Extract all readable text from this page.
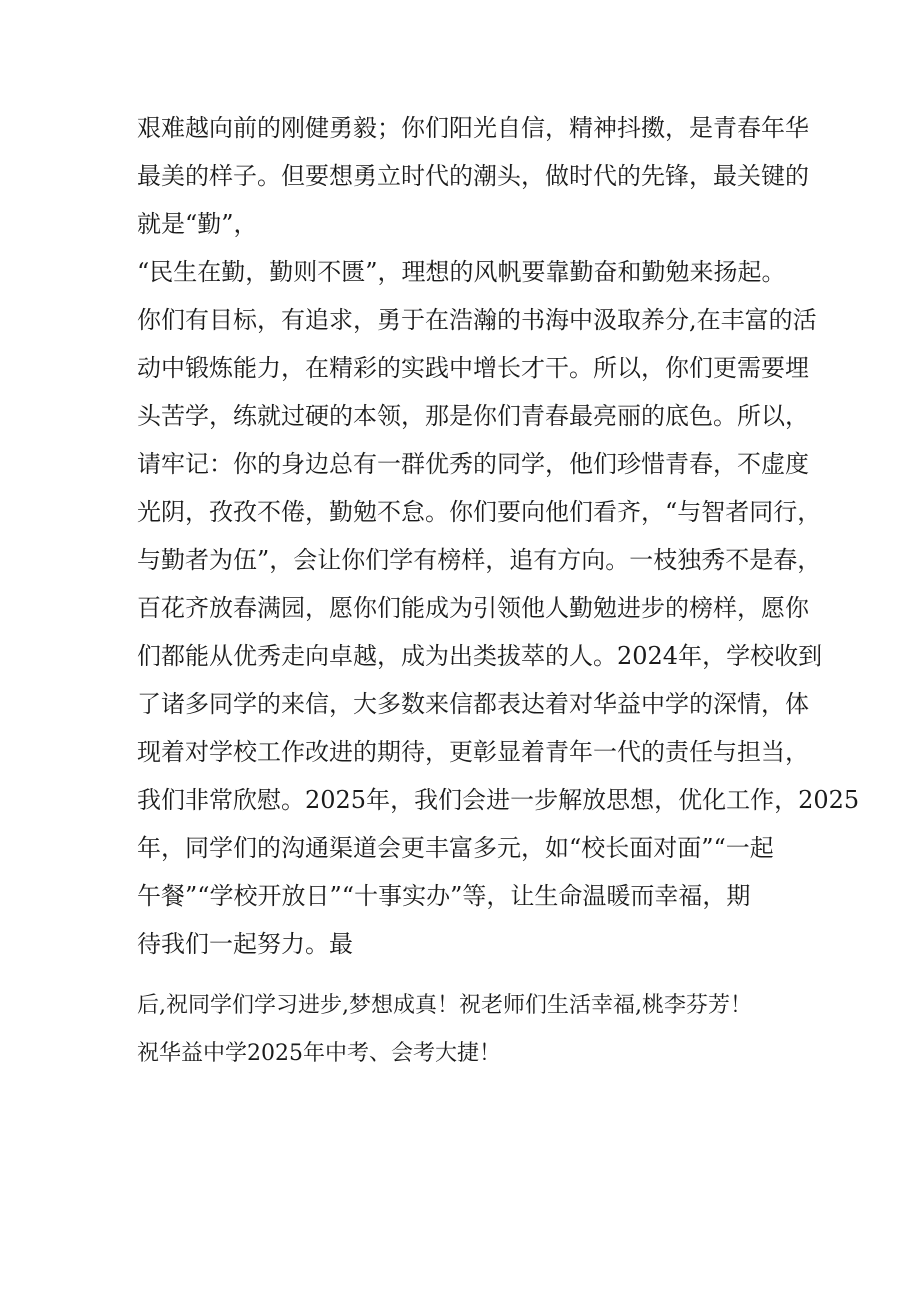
艰难越向前的刚健勇毅；你们阳光自信，精神抖擞，是青春年华
最美的样子。但要想勇立时代的潮头，做时代的先锋，最关键的
就是“勤”，
“民生在勤，勤则不匮”，理想的风帆要靠勤奋和勤勉来扬起。
你们有目标，有追求，勇于在浩瀚的书海中汲取养分,在丰富的活
动中锻炼能力，在精彩的实践中增长才干。所以，你们更需要埋
头苦学，练就过硬的本领，那是你们青春最亮丽的底色。所以，
请牢记：你的身边总有一群优秀的同学，他们珍惜青春，不虚度
光阴，孜孜不倦，勤勉不怠。你们要向他们看齐，“与智者同行，
与勤者为伍”，会让你们学有榜样，追有方向。一枝独秀不是春，
百花齐放春满园，愿你们能成为引领他人勤勉进步的榜样，愿你
们都能从优秀走向卓越，成为出类拔萃的人。2024年，学校收到
了诸多同学的来信，大多数来信都表达着对华益中学的深情，体
现着对学校工作改进的期待，更彰显着青年一代的责任与担当，
我们非常欣慰。2025年，我们会进一步解放思想，优化工作，2025
年，同学们的沟通渠道会更丰富多元，如“校长面对面”“一起
午餐”“学校开放日”“十事实办”等，让生命温暖而幸福，期
待我们一起努力。最
后,祝同学们学习进步,梦想成真！祝老师们生活幸福,桃李芬芳！
祝华益中学2025年中考、会考大捷！
